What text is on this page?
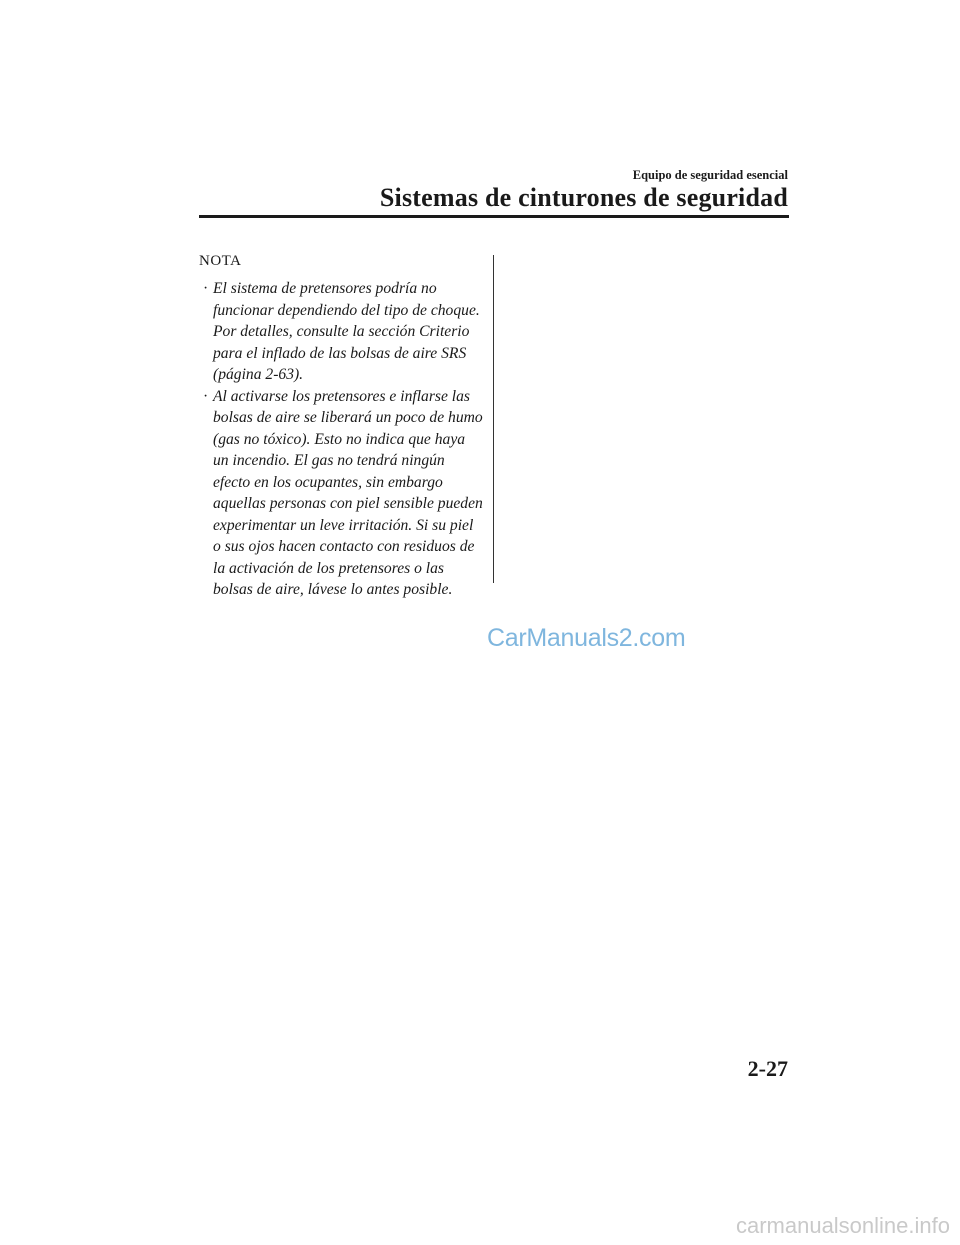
Equipo de seguridad esencial
Sistemas de cinturones de seguridad
NOTA
· El sistema de pretensores podría no funcionar dependiendo del tipo de choque. Por detalles, consulte la sección Criterio para el inflado de las bolsas de aire SRS (página 2-63).
· Al activarse los pretensores e inflarse las bolsas de aire se liberará un poco de humo (gas no tóxico). Esto no indica que haya un incendio. El gas no tendrá ningún efecto en los ocupantes, sin embargo aquellas personas con piel sensible pueden experimentar un leve irritación. Si su piel o sus ojos hacen contacto con residuos de la activación de los pretensores o las bolsas de aire, lávese lo antes posible.
CarManuals2.com
2-27
carmanualsonline.info
